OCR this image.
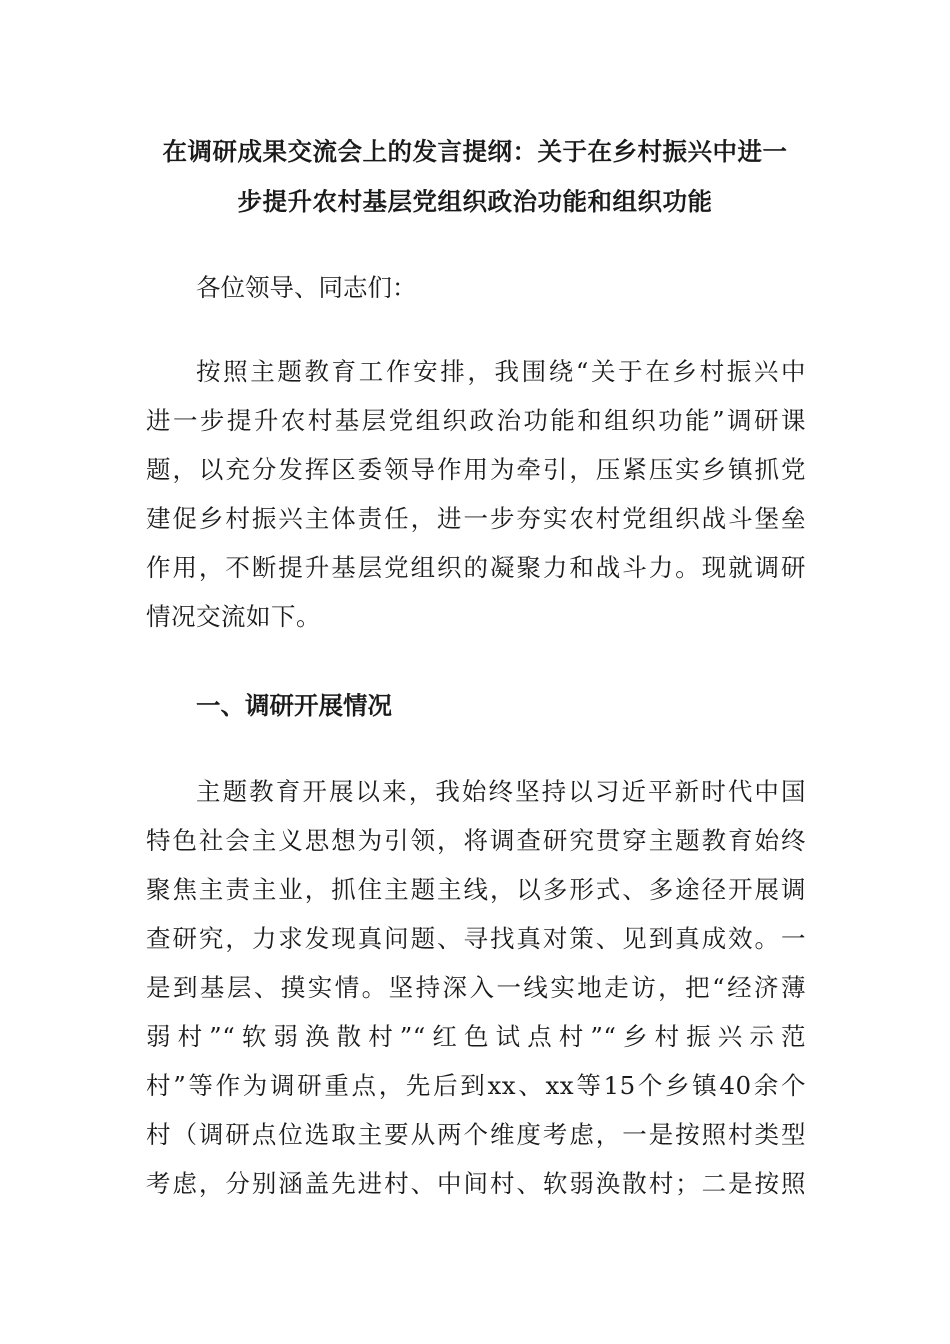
在调研成果交流会上的发言提纲：关于在乡村振兴中进一
步提升农村基层党组织政治功能和组织功能
各位领导、同志们：
按照主题教育工作安排，我围绕“关于在乡村振兴中
进一步提升农村基层党组织政治功能和组织功能”调研课
题，以充分发挥区委领导作用为牵引，压紧压实乡镇抓党
建促乡村振兴主体责任，进一步夯实农村党组织战斗堡垒
作用，不断提升基层党组织的凝聚力和战斗力。现就调研
情况交流如下。
一、调研开展情况
主题教育开展以来，我始终坚持以习近平新时代中国
特色社会主义思想为引领，将调查研究贯穿主题教育始终
聚焦主责主业，抓住主题主线，以多形式、多途径开展调
查研究，力求发现真问题、寻找真对策、见到真成效。一
是到基层、摸实情。坚持深入一线实地走访，把“经济薄
弱村”“软弱涣散村”“红色试点村”“乡村振兴示范
村”等作为调研重点，先后到xx、xx等15个乡镇40余个
村（调研点位选取主要从两个维度考虑，一是按照村类型
考虑，分别涵盖先进村、中间村、软弱涣散村；二是按照
